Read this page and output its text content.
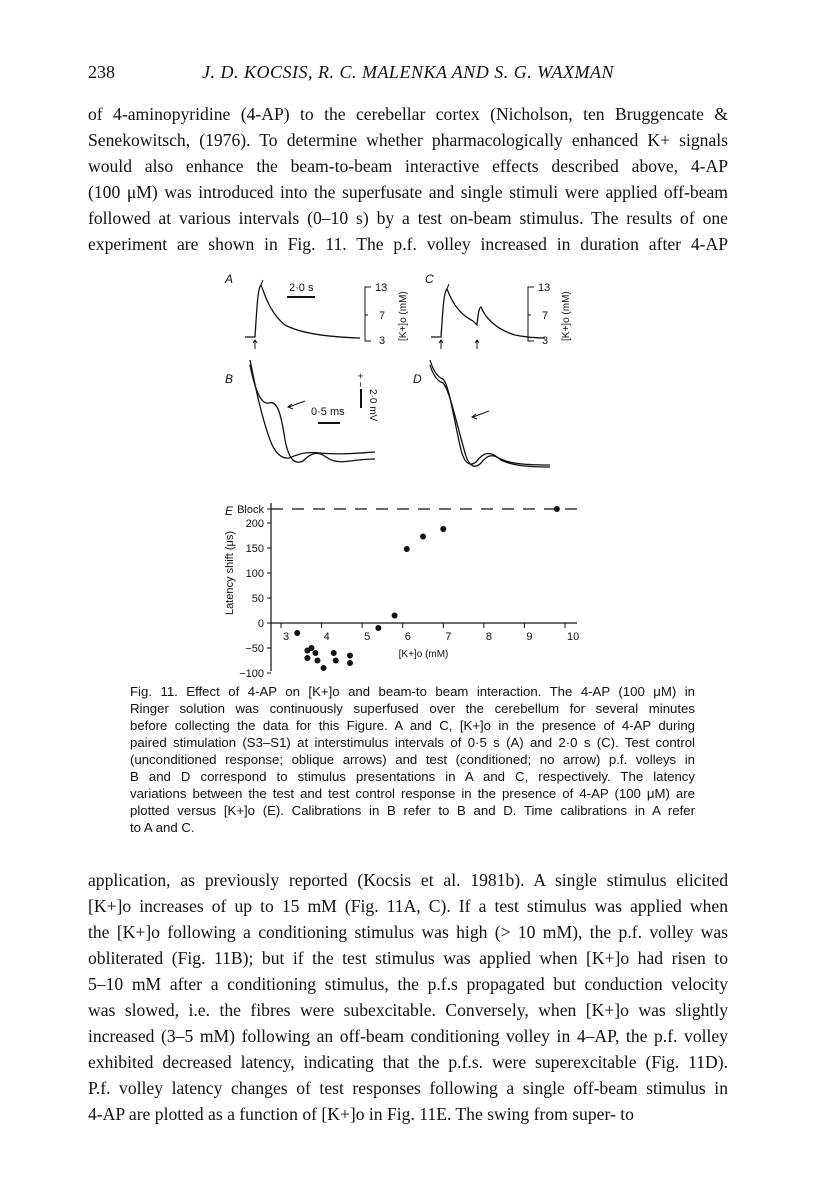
238	J. D. KOCSIS, R. C. MALENKA AND S. G. WAXMAN
of 4-aminopyridine (4-AP) to the cerebellar cortex (Nicholson, ten Bruggencate &
Senekowitsch, (1976). To determine whether pharmacologically enhanced K+ signals
would also enhance the beam-to-beam interactive effects described above, 4-AP
(100 μM) was introduced into the superfusate and single stimuli were applied off-beam
followed at various intervals (0–10 s) by a test on-beam stimulus. The results of one
experiment are shown in Fig. 11. The p.f. volley increased in duration after 4-AP
A
B
C
D
E
2·0 s	13
7
3 [K+]o (mM)
13
7
3 [K+]o (mM)
0·5 ms
+ −
2·0 mV
Latency shift (μs)
[K+]o (mM)
Block
200
150
100
50
0
−50
−100
3	4	5	6	7	8	9	10
Fig. 11. Effect of 4-AP on [K+]o and beam-to beam interaction. The 4-AP (100 μM) in
Ringer solution was continuously superfused over the cerebellum for several minutes
before collecting the data for this Figure. A and C, [K+]o in the presence of 4-AP during
paired stimulation (S3–S1) at interstimulus intervals of 0·5 s (A) and 2·0 s (C). Test control
(unconditioned response; oblique arrows) and test (conditioned; no arrow) p.f. volleys in
B and D correspond to stimulus presentations in A and C, respectively. The latency
variations between the test and test control response in the presence of 4-AP (100 μM) are
plotted versus [K+]o (E). Calibrations in B refer to B and D. Time calibrations in A refer
to A and C.
application, as previously reported (Kocsis et al. 1981b). A single stimulus elicited
[K+]o increases of up to 15 mM (Fig. 11A, C). If a test stimulus was applied when
the [K+]o following a conditioning stimulus was high (> 10 mM), the p.f. volley was
obliterated (Fig. 11B); but if the test stimulus was applied when [K+]o had risen to
5–10 mM after a conditioning stimulus, the p.f.s propagated but conduction velocity
was slowed, i.e. the fibres were subexcitable. Conversely, when [K+]o was slightly
increased (3–5 mM) following an off-beam conditioning volley in 4–AP, the p.f. volley
exhibited decreased latency, indicating that the p.f.s. were superexcitable (Fig. 11D).
P.f. volley latency changes of test responses following a single off-beam stimulus in
4-AP are plotted as a function of [K+]o in Fig. 11E. The swing from super- to
